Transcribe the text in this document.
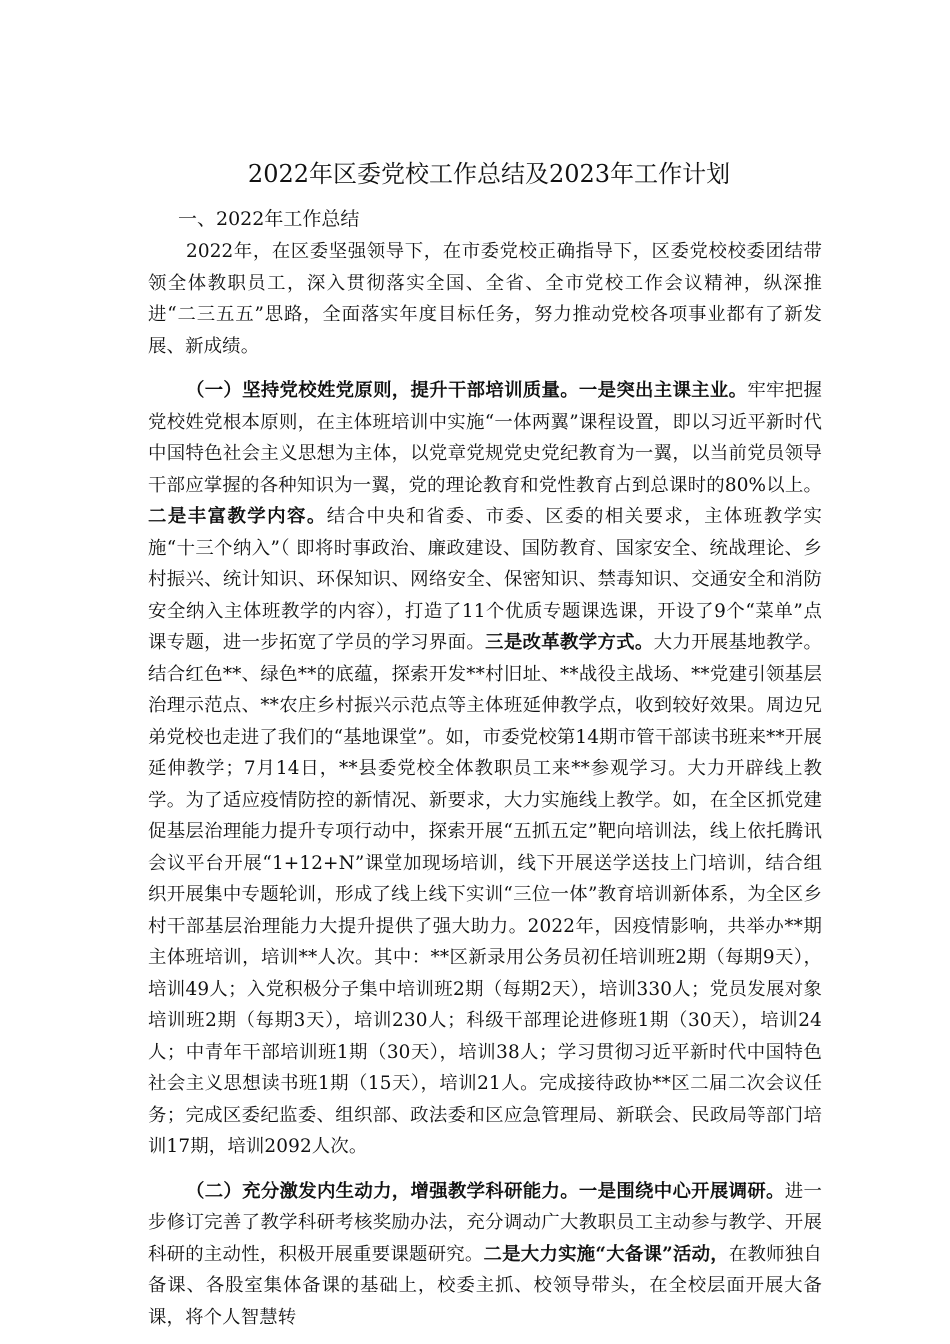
2022年区委党校工作总结及2023年工作计划
一、2022年工作总结

2022年，在区委坚强领导下，在市委党校正确指导下，区委党校校委团结带领全体教职员工，深入贯彻落实全国、全省、全市党校工作会议精神，纵深推进“二三五五”思路，全面落实年度目标任务，努力推动党校各项事业都有了新发展、新成绩。

（一）坚持党校姓党原则，提升干部培训质量。一是突出主课主业。牢牢把握党校姓党根本原则，在主体班培训中实施“一体两翼”课程设置，即以习近平新时代中国特色社会主义思想为主体，以党章党规党史党纪教育为一翼，以当前党员领导干部应掌握的各种知识为一翼，党的理论教育和党性教育占到总课时的80%以上。二是丰富教学内容。结合中央和省委、市委、区委的相关要求，主体班教学实施“十三个纳入”（ 即将时事政治、廉政建设、国防教育、国家安全、统战理论、乡村振兴、统计知识、环保知识、网络安全、保密知识、禁毒知识、交通安全和消防安全纳入主体班教学的内容），打造了11个优质专题课选课，开设了9个“菜单”点课专题，进一步拓宽了学员的学习界面。三是改革教学方式。大力开展基地教学。结合红色**、绿色**的底蕴，探索开发**村旧址、**战役主战场、**党建引领基层治理示范点、**农庄乡村振兴示范点等主体班延伸教学点，收到较好效果。周边兄弟党校也走进了我们的“基地课堂”。如，市委党校第14期市管干部读书班来**开展延伸教学；7月14日，**县委党校全体教职员工来**参观学习。大力开辟线上教学。为了适应疫情防控的新情况、新要求，大力实施线上教学。如，在全区抓党建促基层治理能力提升专项行动中，探索开展“五抓五定”靶向培训法，线上依托腾讯会议平台开展“1+12+N”课堂加现场培训，线下开展送学送技上门培训，结合组织开展集中专题轮训，形成了线上线下实训“三位一体”教育培训新体系，为全区乡村干部基层治理能力大提升提供了强大助力。2022年，因疫情影响，共举办**期主体班培训，培训**人次。其中：**区新录用公务员初任培训班2期（每期9天），培训49人；入党积极分子集中培训班2期（每期2天），培训330人；党员发展对象培训班2期（每期3天），培训230人；科级干部理论进修班1期（30天），培训24人；中青年干部培训班1期（30天），培训38人；学习贯彻习近平新时代中国特色社会主义思想读书班1期（15天），培训21人。完成接待政协**区二届二次会议任务；完成区委纪监委、组织部、政法委和区应急管理局、新联会、民政局等部门培训17期，培训2092人次。

（二）充分激发内生动力，增强教学科研能力。一是围绕中心开展调研。进一步修订完善了教学科研考核奖励办法，充分调动广大教职员工主动参与教学、开展科研的主动性，积极开展重要课题研究。二是大力实施“大备课”活动，在教师独自备课、各股室集体备课的基础上，校委主抓、校领导带头，在全校层面开展大备课，将个人智慧转
